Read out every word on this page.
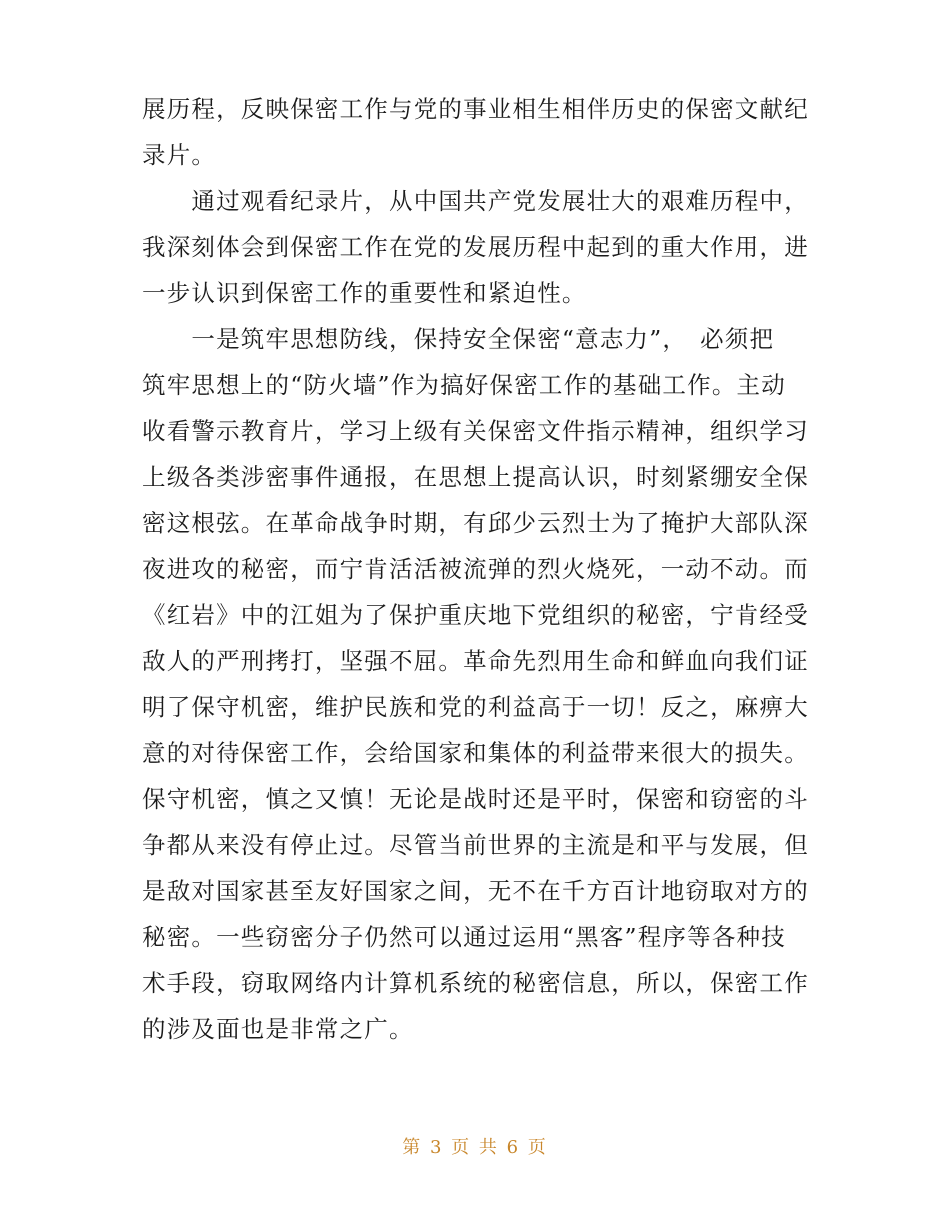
展历程，反映保密工作与党的事业相生相伴历史的保密文献纪
录片。
　　通过观看纪录片，从中国共产党发展壮大的艰难历程中，
我深刻体会到保密工作在党的发展历程中起到的重大作用，进
一步认识到保密工作的重要性和紧迫性。
　　一是筑牢思想防线，保持安全保密“意志力”，　必须把
筑牢思想上的“防火墙”作为搞好保密工作的基础工作。主动
收看警示教育片，学习上级有关保密文件指示精神，组织学习
上级各类涉密事件通报，在思想上提高认识，时刻紧绷安全保
密这根弦。在革命战争时期，有邱少云烈士为了掩护大部队深
夜进攻的秘密，而宁肯活活被流弹的烈火烧死，一动不动。而
《红岩》中的江姐为了保护重庆地下党组织的秘密，宁肯经受
敌人的严刑拷打，坚强不屈。革命先烈用生命和鲜血向我们证
明了保守机密，维护民族和党的利益高于一切！反之，麻痹大
意的对待保密工作，会给国家和集体的利益带来很大的损失。
保守机密，慎之又慎！无论是战时还是平时，保密和窃密的斗
争都从来没有停止过。尽管当前世界的主流是和平与发展，但
是敌对国家甚至友好国家之间，无不在千方百计地窃取对方的
秘密。一些窃密分子仍然可以通过运用“黑客”程序等各种技
术手段，窃取网络内计算机系统的秘密信息，所以，保密工作
的涉及面也是非常之广。
第 3 页 共 6 页
